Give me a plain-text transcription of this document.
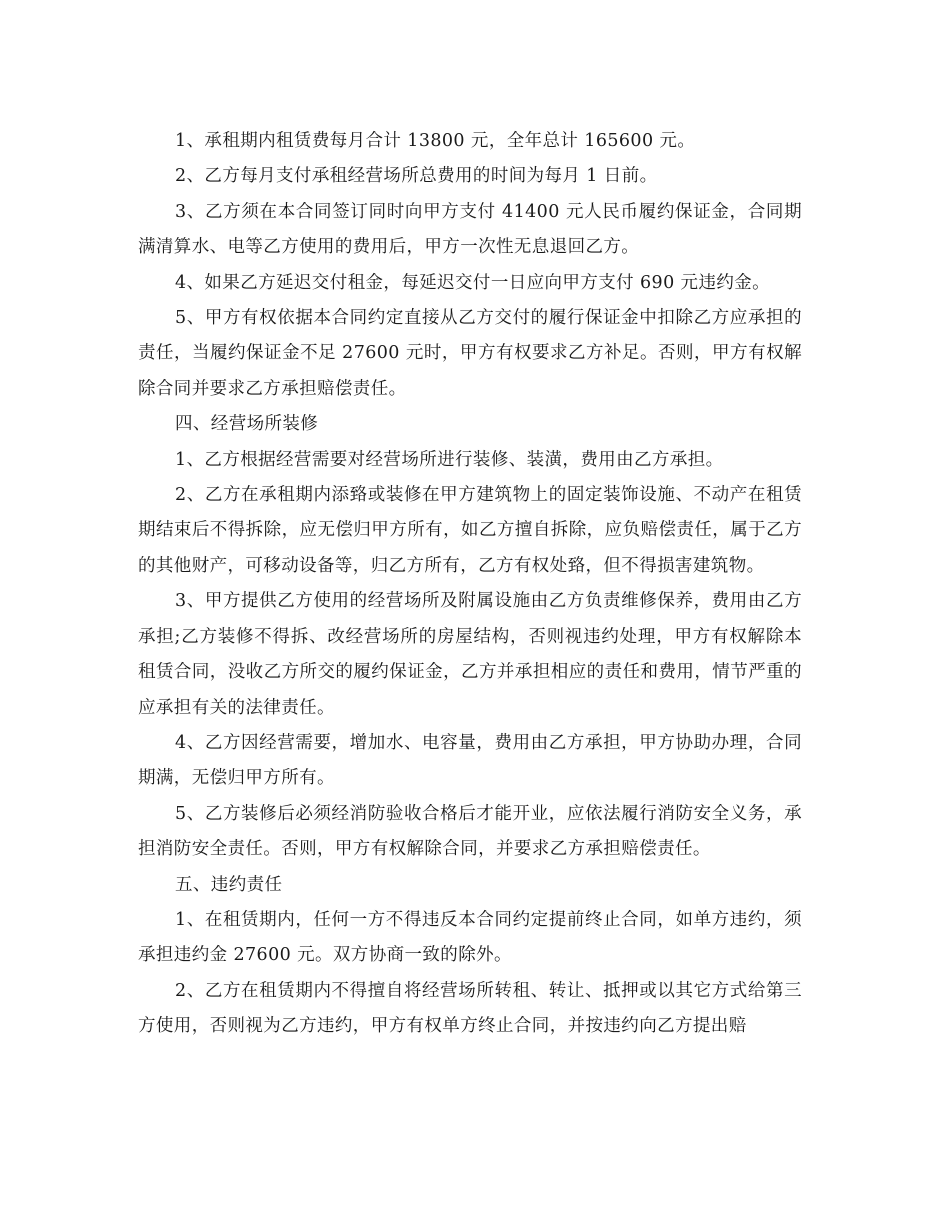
1、承租期内租赁费每月合计 13800 元，全年总计 165600 元。

2、乙方每月支付承租经营场所总费用的时间为每月 1 日前。

3、乙方须在本合同签订同时向甲方支付 41400 元人民币履约保证金，合同期满清算水、电等乙方使用的费用后，甲方一次性无息退回乙方。

4、如果乙方延迟交付租金，每延迟交付一日应向甲方支付 690 元违约金。

5、甲方有权依据本合同约定直接从乙方交付的履行保证金中扣除乙方应承担的责任，当履约保证金不足 27600 元时，甲方有权要求乙方补足。否则，甲方有权解除合同并要求乙方承担赔偿责任。

四、经营场所装修

1、乙方根据经营需要对经营场所进行装修、装潢，费用由乙方承担。

2、乙方在承租期内添臵或装修在甲方建筑物上的固定装饰设施、不动产在租赁期结束后不得拆除，应无偿归甲方所有，如乙方擅自拆除，应负赔偿责任，属于乙方的其他财产，可移动设备等，归乙方所有，乙方有权处臵，但不得损害建筑物。

3、甲方提供乙方使用的经营场所及附属设施由乙方负责维修保养，费用由乙方承担;乙方装修不得拆、改经营场所的房屋结构，否则视违约处理，甲方有权解除本租赁合同，没收乙方所交的履约保证金，乙方并承担相应的责任和费用，情节严重的应承担有关的法律责任。

4、乙方因经营需要，增加水、电容量，费用由乙方承担，甲方协助办理，合同期满，无偿归甲方所有。

5、乙方装修后必须经消防验收合格后才能开业，应依法履行消防安全义务，承担消防安全责任。否则，甲方有权解除合同，并要求乙方承担赔偿责任。

五、违约责任

1、在租赁期内，任何一方不得违反本合同约定提前终止合同，如单方违约，须承担违约金 27600 元。双方协商一致的除外。

2、乙方在租赁期内不得擅自将经营场所转租、转让、抵押或以其它方式给第三方使用，否则视为乙方违约，甲方有权单方终止合同，并按违约向乙方提出赔
